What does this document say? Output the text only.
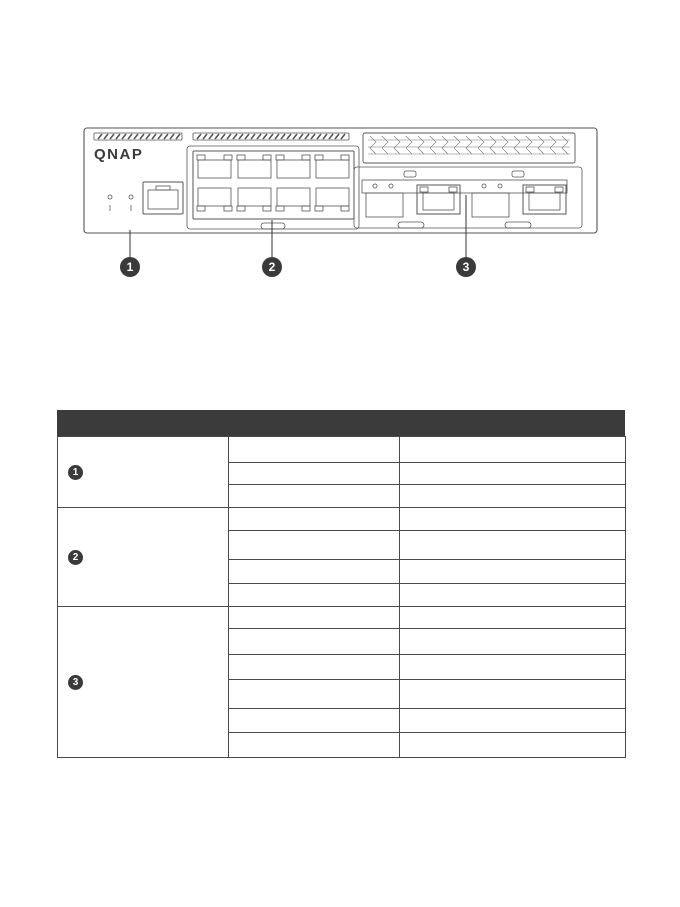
QNAP
1	2	3
1		

2		

3		
